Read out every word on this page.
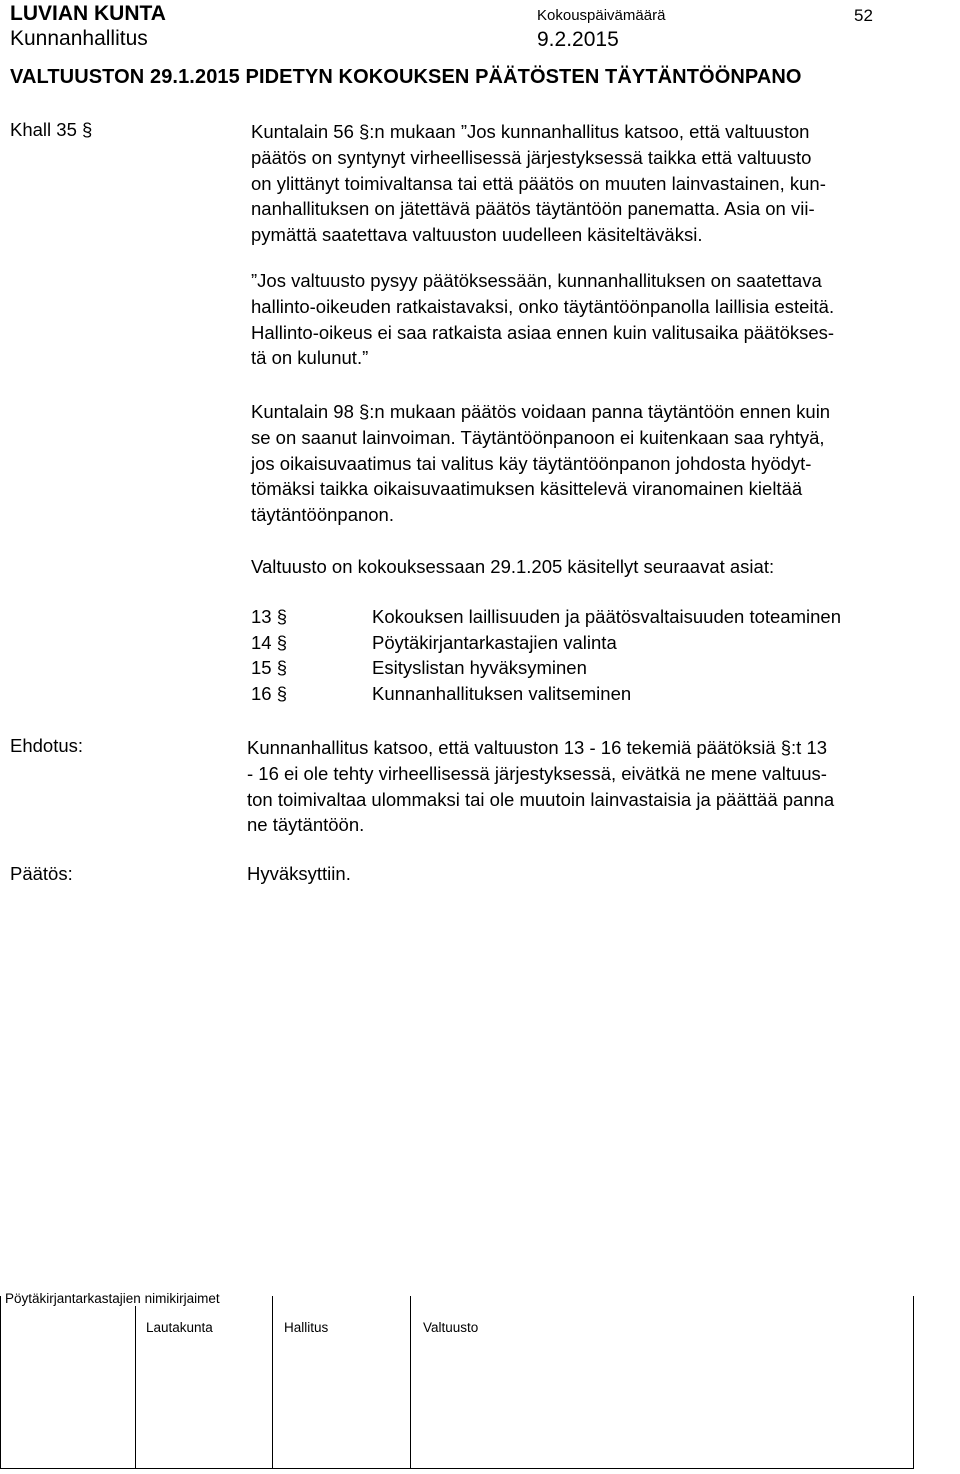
LUVIAN KUNTA
Kunnanhallitus
Kokouspäivämäärä
9.2.2015
52
VALTUUSTON 29.1.2015 PIDETYN KOKOUKSEN PÄÄTÖSTEN TÄYTÄNTÖÖNPANO
Khall 35 §	Kuntalain 56 §:n mukaan ”Jos kunnanhallitus katsoo, että valtuuston
päätös on syntynyt virheellisessä järjestyksessä taikka että valtuusto
on ylittänyt toimivaltansa tai että päätös on muuten lainvastainen, kun-
nanhallituksen on jätettävä päätös täytäntöön panematta. Asia on vii-
pymättä saatettava valtuuston uudelleen käsiteltäväksi.
”Jos valtuusto pysyy päätöksessään, kunnanhallituksen on saatettava
hallinto-oikeuden ratkaistavaksi, onko täytäntöönpanolla laillisia esteitä.
Hallinto-oikeus ei saa ratkaista asiaa ennen kuin valitusaika päätökses-
tä on kulunut.”
Kuntalain 98 §:n mukaan päätös voidaan panna täytäntöön ennen kuin
se on saanut lainvoiman. Täytäntöönpanoon ei kuitenkaan saa ryhtyä,
jos oikaisuvaatimus tai valitus käy täytäntöönpanon johdosta hyödyt-
tömäksi taikka oikaisuvaatimuksen käsittelevä viranomainen kieltää
täytäntöönpanon.
Valtuusto on kokouksessaan 29.1.205 käsitellyt seuraavat asiat:
13 §	Kokouksen laillisuuden ja päätösvaltaisuuden toteaminen
14 §	Pöytäkirjantarkastajien valinta
15 §	Esityslistan hyväksyminen
16 §	Kunnanhallituksen valitseminen
Ehdotus:	Kunnanhallitus katsoo, että valtuuston 13 - 16 tekemiä päätöksiä §:t 13
- 16 ei ole tehty virheellisessä järjestyksessä, eivätkä ne mene valtuus-
ton toimivaltaa ulommaksi tai ole muutoin lainvastaisia ja päättää panna
ne täytäntöön.
Päätös:	Hyväksyttiin.
Pöytäkirjantarkastajien nimikirjaimet
Lautakunta	Hallitus	Valtuusto
